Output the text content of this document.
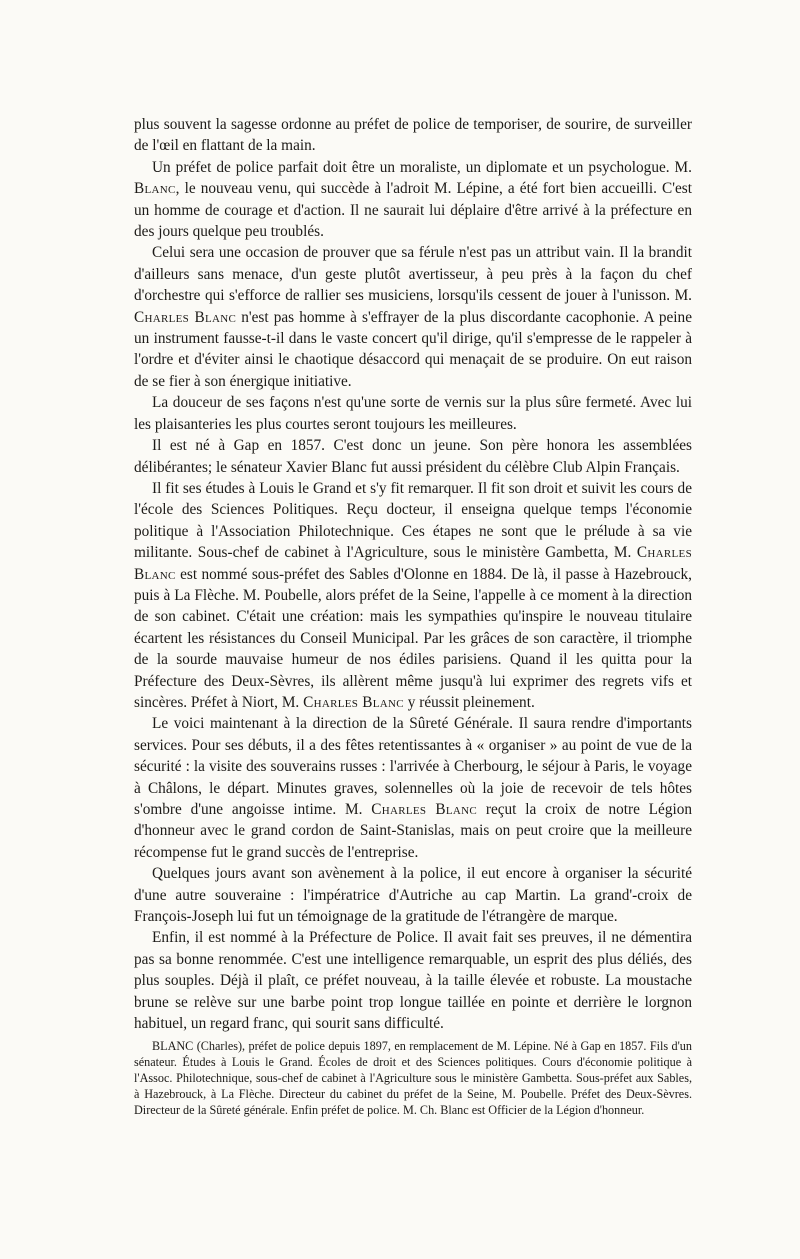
plus souvent la sagesse ordonne au préfet de police de temporiser, de sourire, de surveiller de l'œil en flattant de la main.

Un préfet de police parfait doit être un moraliste, un diplomate et un psychologue. M. Blanc, le nouveau venu, qui succède à l'adroit M. Lépine, a été fort bien accueilli. C'est un homme de courage et d'action. Il ne saurait lui déplaire d'être arrivé à la préfecture en des jours quelque peu troublés.

Celui sera une occasion de prouver que sa férule n'est pas un attribut vain. Il la brandit d'ailleurs sans menace, d'un geste plutôt avertisseur, à peu près à la façon du chef d'orchestre qui s'efforce de rallier ses musiciens, lorsqu'ils cessent de jouer à l'unisson. M. Charles Blanc n'est pas homme à s'effrayer de la plus discordante cacophonie. A peine un instrument fausse-t-il dans le vaste concert qu'il dirige, qu'il s'empresse de le rappeler à l'ordre et d'éviter ainsi le chaotique désaccord qui menaçait de se produire. On eut raison de se fier à son énergique initiative.

La douceur de ses façons n'est qu'une sorte de vernis sur la plus sûre fermeté. Avec lui les plaisanteries les plus courtes seront toujours les meilleures.

Il est né à Gap en 1857. C'est donc un jeune. Son père honora les assemblées délibérantes; le sénateur Xavier Blanc fut aussi président du célèbre Club Alpin Français.

Il fit ses études à Louis le Grand et s'y fit remarquer. Il fit son droit et suivit les cours de l'école des Sciences Politiques. Reçu docteur, il enseigna quelque temps l'économie politique à l'Association Philotechnique. Ces étapes ne sont que le prélude à sa vie militante. Sous-chef de cabinet à l'Agriculture, sous le ministère Gambetta, M. Charles Blanc est nommé sous-préfet des Sables d'Olonne en 1884. De là, il passe à Hazebrouck, puis à La Flèche. M. Poubelle, alors préfet de la Seine, l'appelle à ce moment à la direction de son cabinet. C'était une création: mais les sympathies qu'inspire le nouveau titulaire écartent les résistances du Conseil Municipal. Par les grâces de son caractère, il triomphe de la sourde mauvaise humeur de nos édiles parisiens. Quand il les quitta pour la Préfecture des Deux-Sèvres, ils allèrent même jusqu'à lui exprimer des regrets vifs et sincères. Préfet à Niort, M. Charles Blanc y réussit pleinement.

Le voici maintenant à la direction de la Sûreté Générale. Il saura rendre d'importants services. Pour ses débuts, il a des fêtes retentissantes à « organiser » au point de vue de la sécurité : la visite des souverains russes : l'arrivée à Cherbourg, le séjour à Paris, le voyage à Châlons, le départ. Minutes graves, solennelles où la joie de recevoir de tels hôtes s'ombre d'une angoisse intime. M. Charles Blanc reçut la croix de notre Légion d'honneur avec le grand cordon de Saint-Stanislas, mais on peut croire que la meilleure récompense fut le grand succès de l'entreprise.

Quelques jours avant son avènement à la police, il eut encore à organiser la sécurité d'une autre souveraine : l'impératrice d'Autriche au cap Martin. La grand'-croix de François-Joseph lui fut un témoignage de la gratitude de l'étrangère de marque.

Enfin, il est nommé à la Préfecture de Police. Il avait fait ses preuves, il ne démentira pas sa bonne renommée. C'est une intelligence remarquable, un esprit des plus déliés, des plus souples. Déjà il plaît, ce préfet nouveau, à la taille élevée et robuste. La moustache brune se relève sur une barbe point trop longue taillée en pointe et derrière le lorgnon habituel, un regard franc, qui sourit sans difficulté.

BLANC (Charles), préfet de police depuis 1897, en remplacement de M. Lépine. Né à Gap en 1857. Fils d'un sénateur. Études à Louis le Grand. Écoles de droit et des Sciences politiques. Cours d'économie politique à l'Assoc. Philotechnique, sous-chef de cabinet à l'Agriculture sous le ministère Gambetta. Sous-préfet aux Sables, à Hazebrouck, à La Flèche. Directeur du cabinet du préfet de la Seine, M. Poubelle. Préfet des Deux-Sèvres. Directeur de la Sûreté générale. Enfin préfet de police. M. Ch. Blanc est Officier de la Légion d'honneur.
